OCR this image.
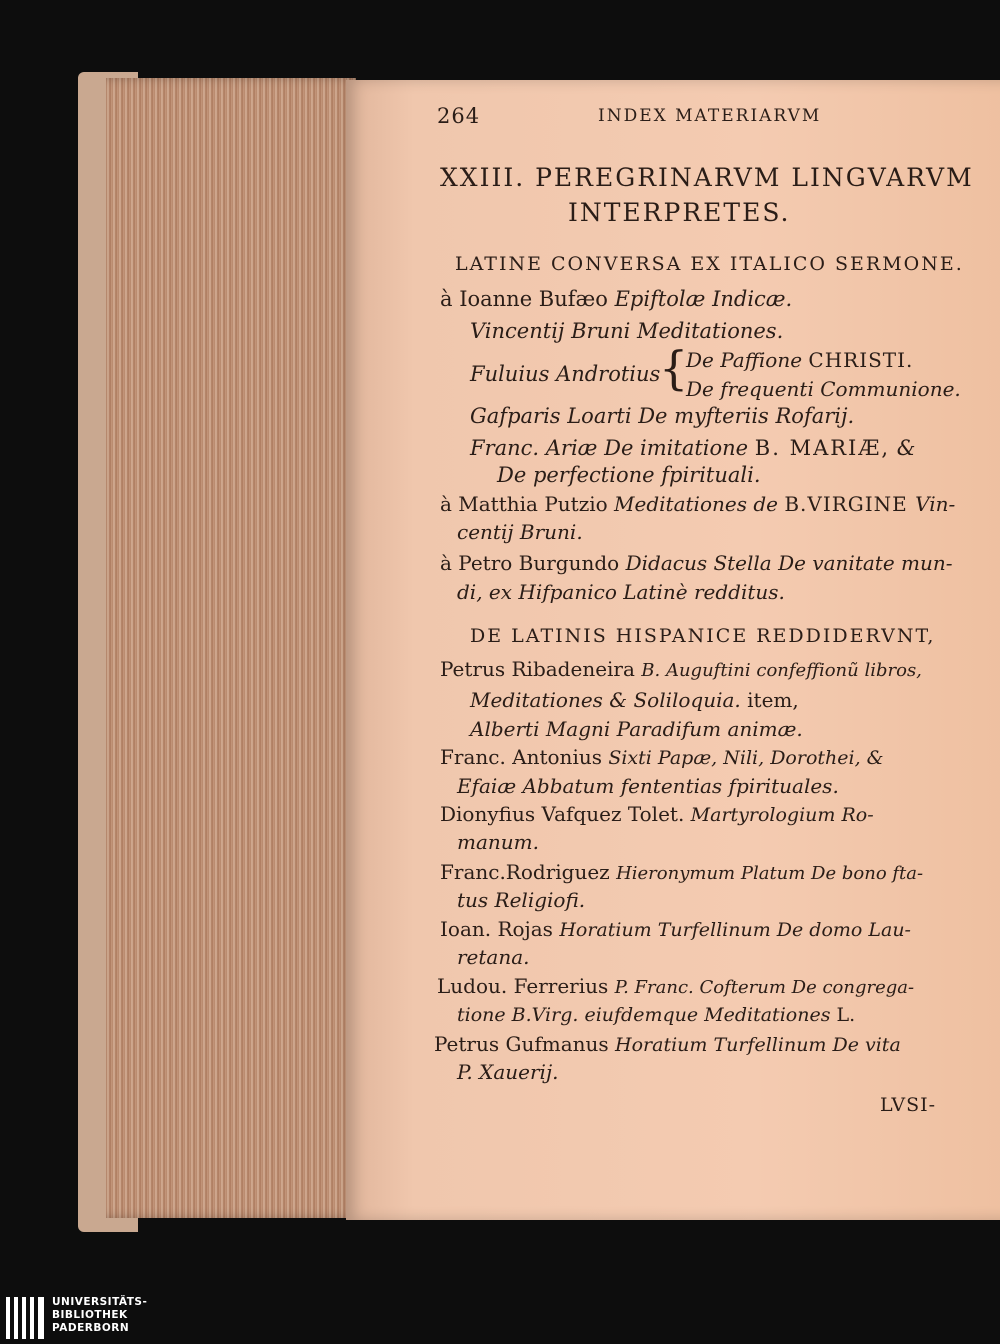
264	INDEX MATERIARVM
XXIII. PEREGRINARVM LINGVARVM
INTERPRETES.
LATINE CONVERSA EX ITALICO SERMONE.
à Ioanne Bufæo Epiftolæ Indicæ.
Vincentij Bruni Meditationes.
Fuluius Androtius
{
De Paffione CHRISTI.
De frequenti Communione.
Gafparis Loarti De myfteriis Rofarij.
Franc. Ariæ De imitatione B. MARIÆ, &
De perfectione fpirituali.
à Matthia Putzio Meditationes de B.VIRGINE Vin-
centij Bruni.
à Petro Burgundo Didacus Stella De vanitate mun-
di, ex Hifpanico Latinè redditus.
DE LATINIS HISPANICE REDDIDERVNT,
Petrus Ribadeneira B. Auguftini confeffionũ libros,
Meditationes & Soliloquia. item,
Alberti Magni Paradifum animæ.
Franc. Antonius Sixti Papæ, Nili, Dorothei, &
Efaiæ Abbatum fententias fpirituales.
Dionyfius Vafquez Tolet. Martyrologium Ro-
manum.
Franc.Rodriguez Hieronymum Platum De bono fta-
tus Religiofi.
Ioan. Rojas Horatium Turfellinum De domo Lau-
retana.
Ludou. Ferrerius P. Franc. Cofterum De congrega-
tione B.Virg. eiufdemque Meditationes L.
Petrus Gufmanus Horatium Turfellinum De vita
P. Xauerij.
LVSI-
UNIVERSITÄTS-
BIBLIOTHEK
PADERBORN
